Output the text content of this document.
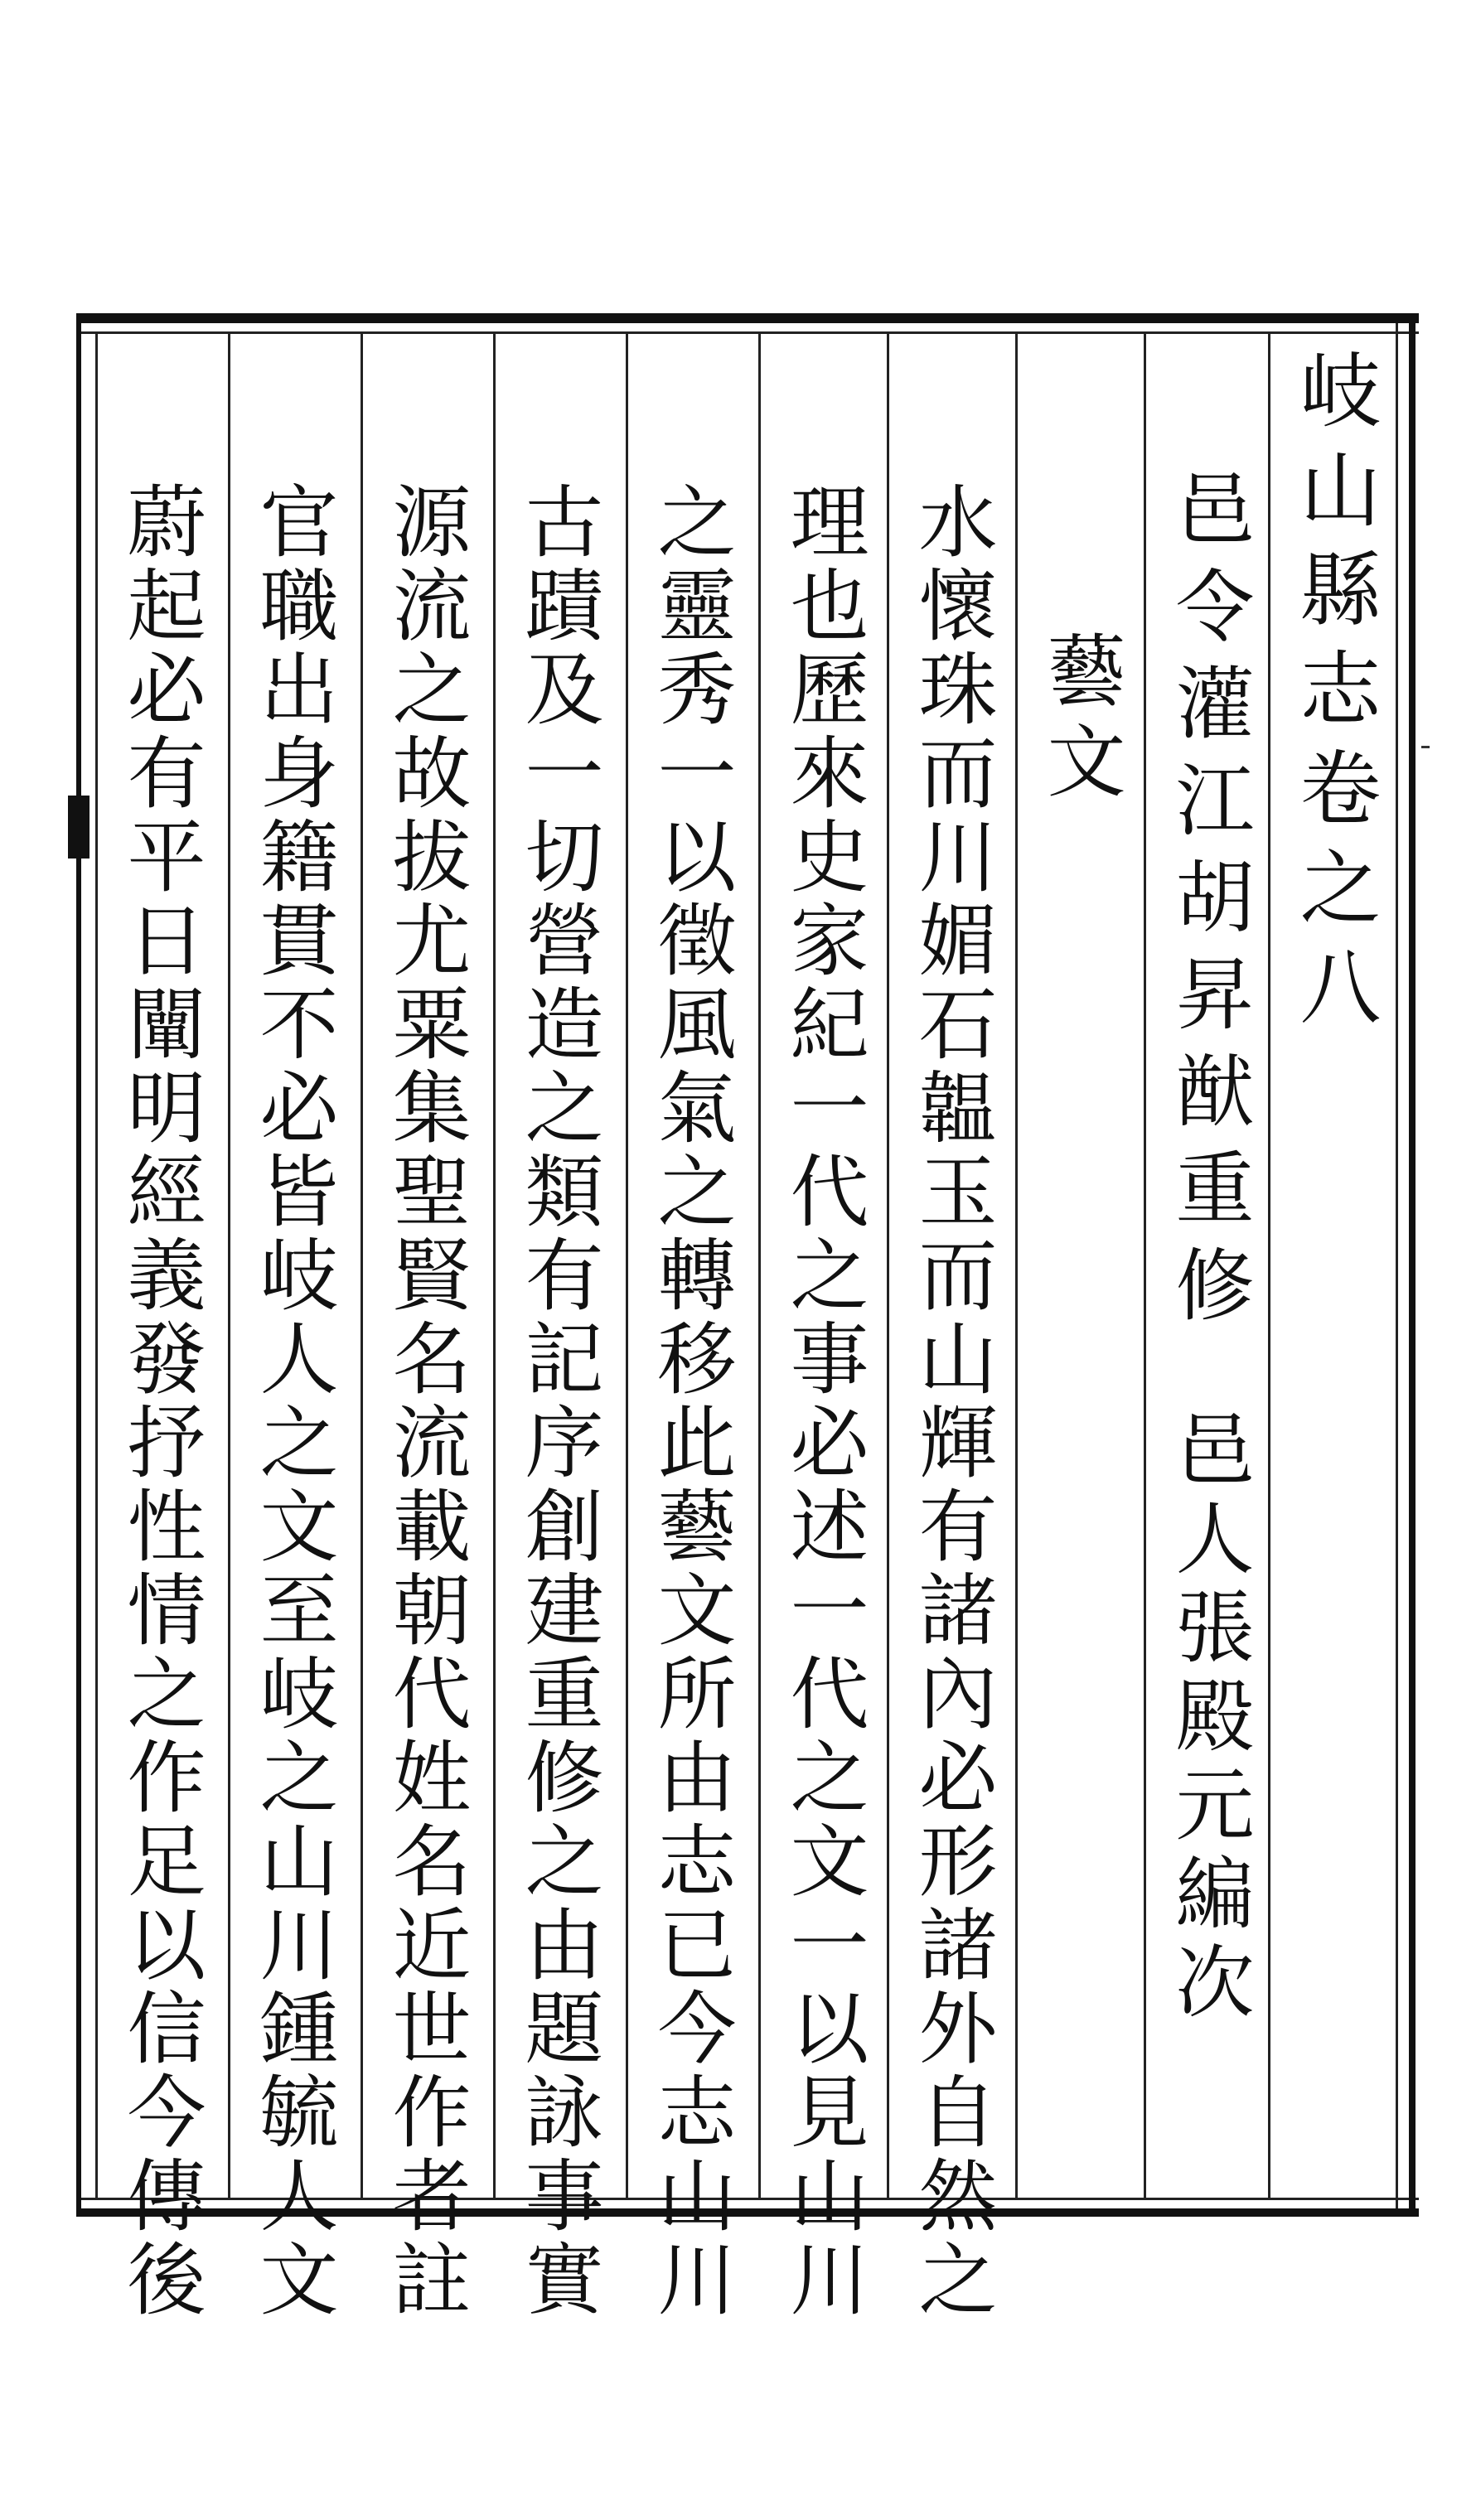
岐山縣志卷之八
邑令灌江胡昇猷重修
邑人張殿元編次
藝文
水懷珠而川媚石韞玉而山輝有諸內必形諸外自然之
理也歷來史家紀一代之事必述一代之文一以見山川
之靈秀一以徵風氣之轉移此藝文所由志已今志山川
古蹟及一切營造之類有記序創建重修之由題詠事實
源流之故拔尤粟集聖賢名流載朝代姓名近世作者註
官職出身籍貫不必皆岐人之文至岐之山川鍾毓人文
蔚起必有平日闡明經義發抒性情之作足以信今傳後
